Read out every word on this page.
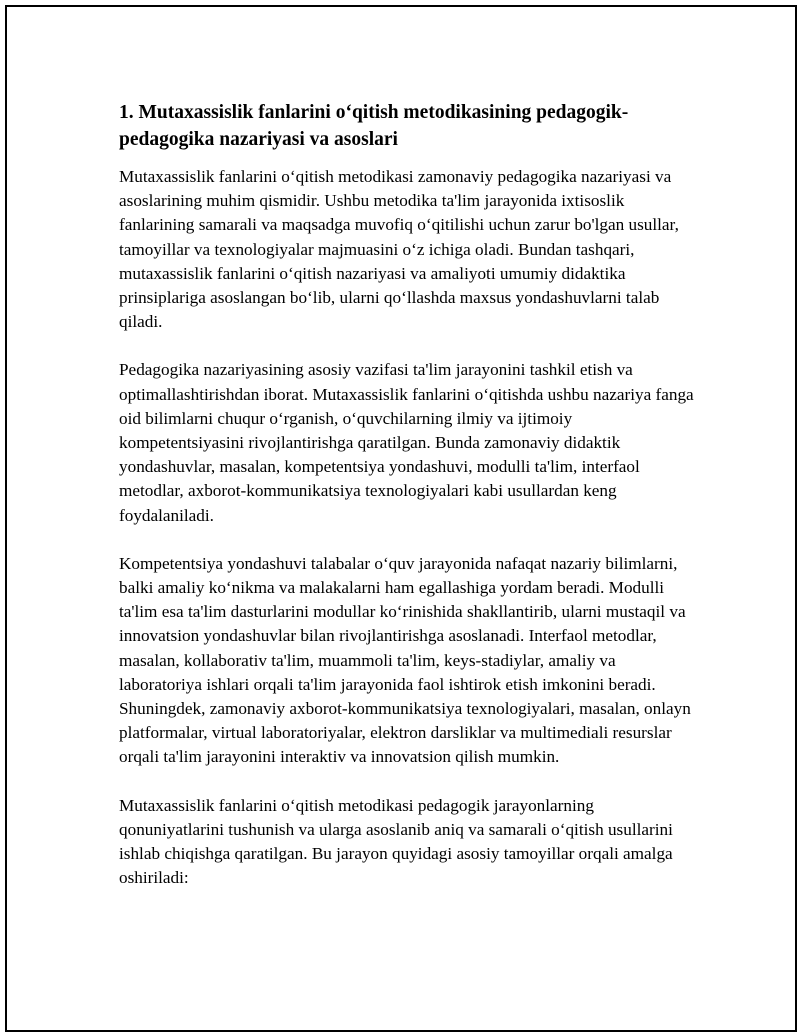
1. Mutaxassislik fanlarini o‘qitish metodikasining pedagogik-pedagogika nazariyasi va asoslari

Mutaxassislik fanlarini o‘qitish metodikasi zamonaviy pedagogika nazariyasi va asoslarining muhim qismidir. Ushbu metodika ta'lim jarayonida ixtisoslik fanlarining samarali va maqsadga muvofiq o‘qitilishi uchun zarur bo'lgan usullar, tamoyillar va texnologiyalar majmuasini o‘z ichiga oladi. Bundan tashqari, mutaxassislik fanlarini o‘qitish nazariyasi va amaliyoti umumiy didaktika prinsiplariga asoslangan bo‘lib, ularni qo‘llashda maxsus yondashuvlarni talab qiladi.

Pedagogika nazariyasining asosiy vazifasi ta'lim jarayonini tashkil etish va optimallashtirishdan iborat. Mutaxassislik fanlarini o‘qitishda ushbu nazariya fanga oid bilimlarni chuqur o‘rganish, o‘quvchilarning ilmiy va ijtimoiy kompetentsiyasini rivojlantirishga qaratilgan. Bunda zamonaviy didaktik yondashuvlar, masalan, kompetentsiya yondashuvi, modulli ta'lim, interfaol metodlar, axborot-kommunikatsiya texnologiyalari kabi usullardan keng foydalaniladi.

Kompetentsiya yondashuvi talabalar o‘quv jarayonida nafaqat nazariy bilimlarni, balki amaliy ko‘nikma va malakalarni ham egallashiga yordam beradi. Modulli ta'lim esa ta'lim dasturlarini modullar ko‘rinishida shakllantirib, ularni mustaqil va innovatsion yondashuvlar bilan rivojlantirishga asoslanadi. Interfaol metodlar, masalan, kollaborativ ta'lim, muammoli ta'lim, keys-stadiylar, amaliy va laboratoriya ishlari orqali ta'lim jarayonida faol ishtirok etish imkonini beradi. Shuningdek, zamonaviy axborot-kommunikatsiya texnologiyalari, masalan, onlayn platformalar, virtual laboratoriyalar, elektron darsliklar va multimediali resurslar orqali ta'lim jarayonini interaktiv va innovatsion qilish mumkin.

Mutaxassislik fanlarini o‘qitish metodikasi pedagogik jarayonlarning qonuniyatlarini tushunish va ularga asoslanib aniq va samarali o‘qitish usullarini ishlab chiqishga qaratilgan. Bu jarayon quyidagi asosiy tamoyillar orqali amalga oshiriladi:
